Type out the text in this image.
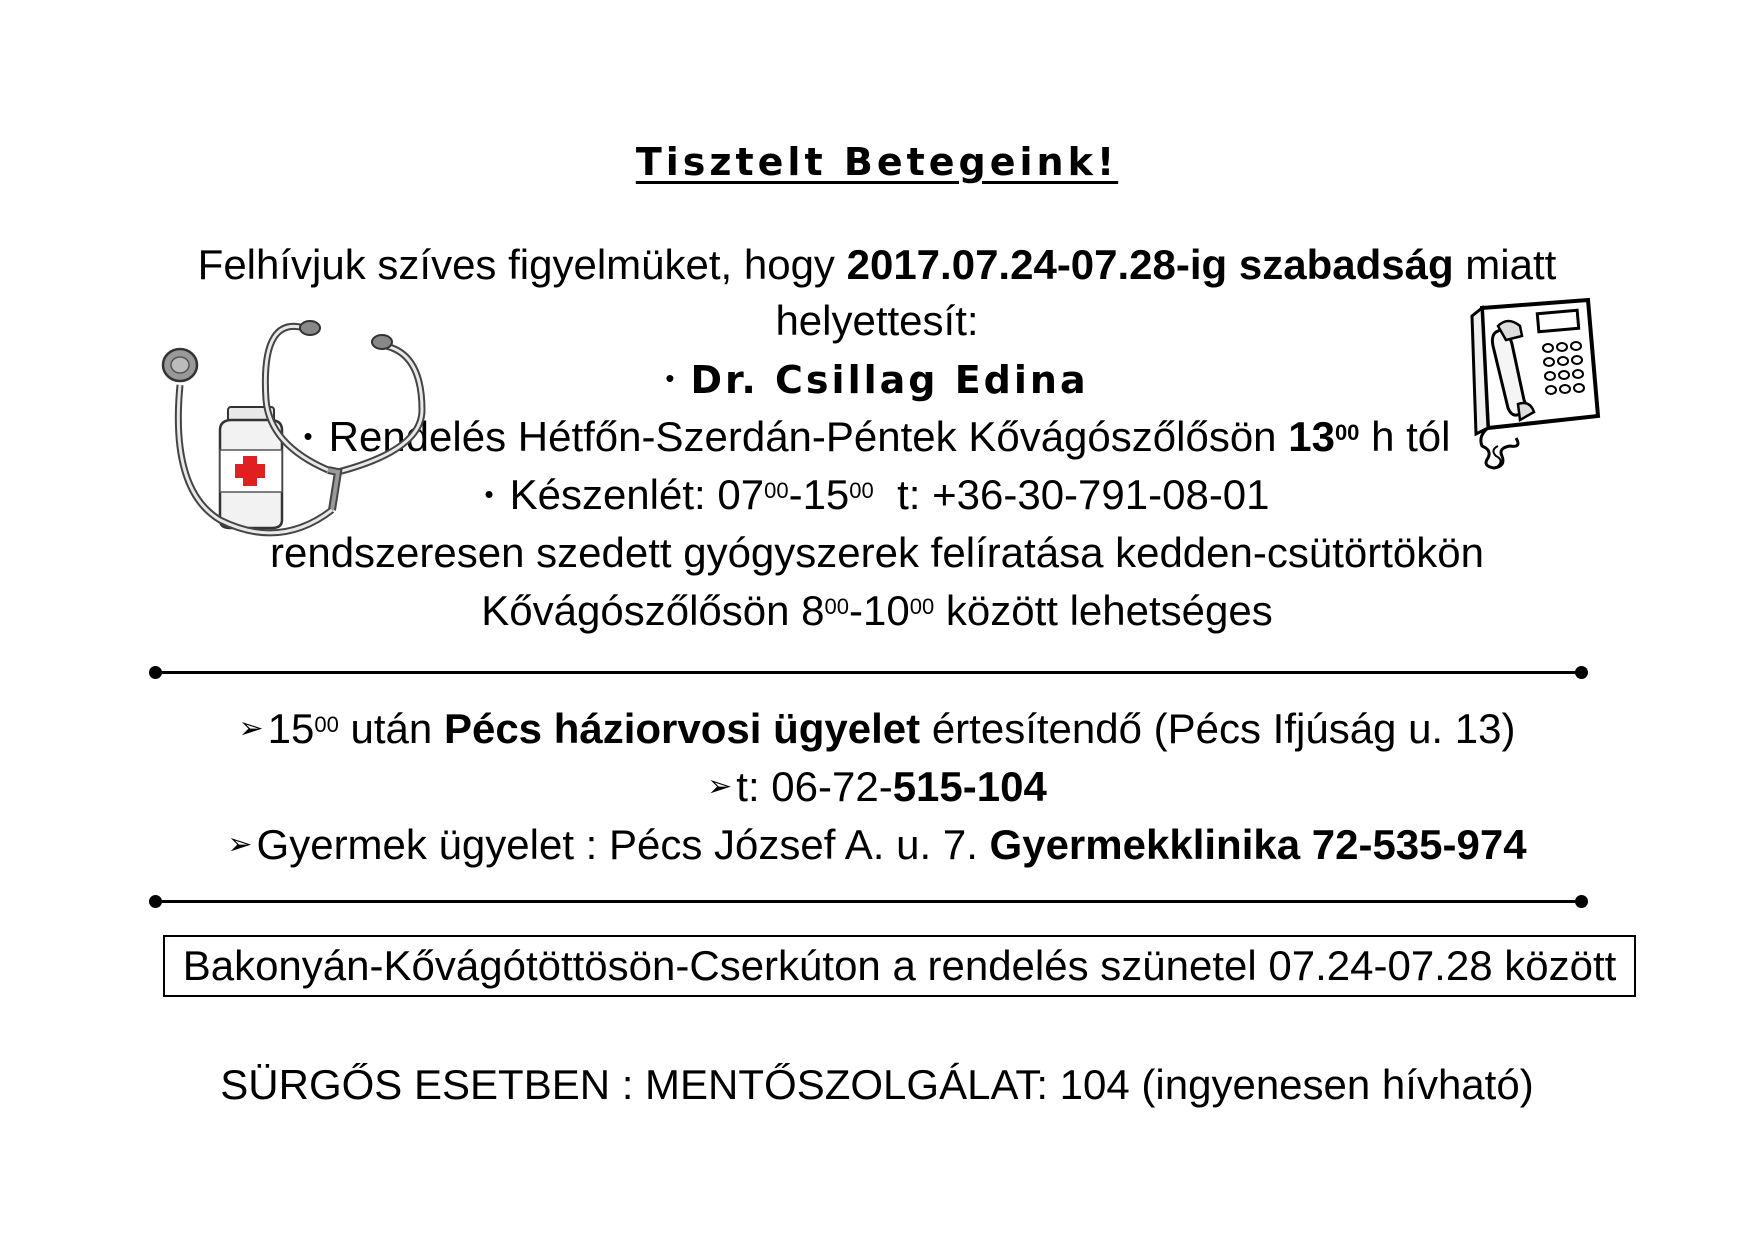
Tisztelt Betegeink!
Felhívjuk szíves figyelmüket, hogy 2017.07.24-07.28-ig szabadság miatt
helyettesít:
• Dr. Csillag Edina
• Rendelés Hétfőn-Szerdán-Péntek Kővágószőlősön $13^{00}$ h tól
• Készenlét: $07^{00}-15^{00}$  t: +36-30-791-08-01
rendszeresen szedett gyógyszerek felíratása kedden-csütörtökön
Kővágószőlősön $8^{00}-10^{00}$ között lehetséges
$➢15^{00}$ után Pécs háziorvosi ügyelet értesítendő (Pécs Ifjúság u. 13)
➢t: 06-72-515-104
➢Gyermek ügyelet : Pécs József A. u. 7. Gyermekklinika 72-535-974
Bakonyán-Kővágótöttösön-Cserkúton a rendelés szünetel 07.24-07.28 között
SÜRGŐS ESETBEN : MENTŐSZOLGÁLAT: 104 (ingyenesen hívható)
